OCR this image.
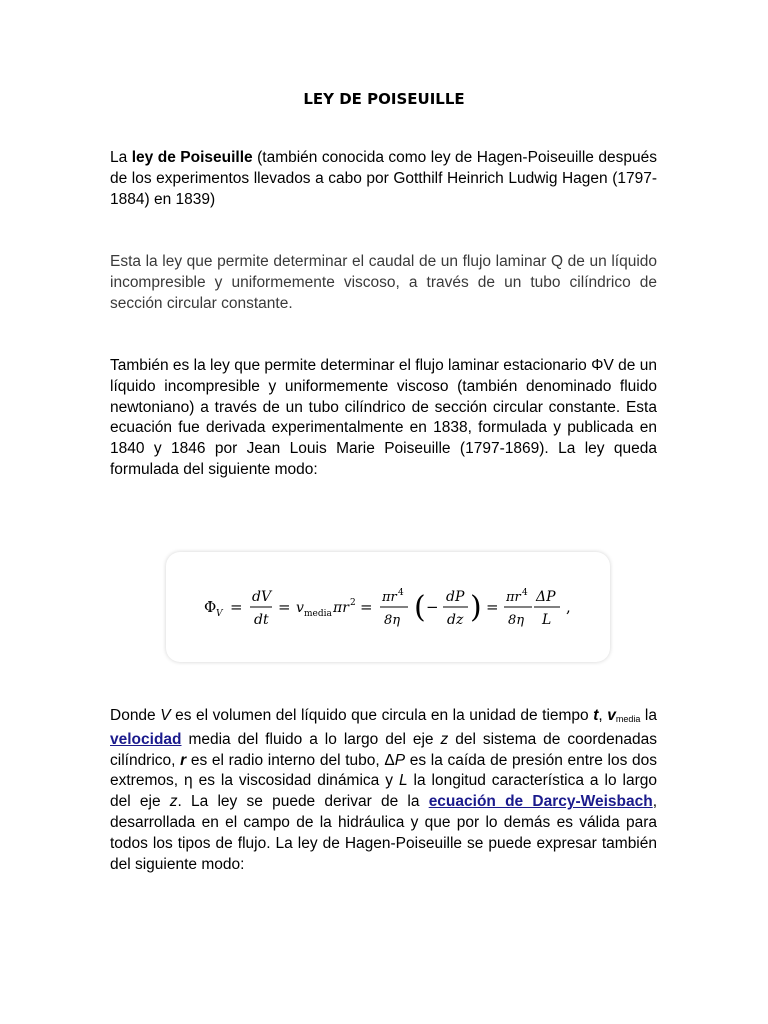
LEY DE POISEUILLE
La ley de Poiseuille (también conocida como ley de Hagen-Poiseuille después de los experimentos llevados a cabo por Gotthilf Heinrich Ludwig Hagen (1797- 1884) en 1839)
Esta la ley que permite determinar el caudal de un flujo laminar Q de un líquido incompresible y uniformemente viscoso, a través de un tubo cilíndrico de sección circular constante.
También es la ley que permite determinar el flujo laminar estacionario ΦV de un líquido incompresible y uniformemente viscoso (también denominado fluido newtoniano) a través de un tubo cilíndrico de sección circular constante. Esta ecuación fue derivada experimentalmente en 1838, formulada y publicada en 1840 y 1846 por Jean Louis Marie Poiseuille (1797-1869). La ley queda formulada del siguiente modo:
Φ V =
dV
dt
= v media πr 2 =
πr 4
8η ( −
dP
dz ) =
πr 4
8η
ΔP
L
,
Donde V es el volumen del líquido que circula en la unidad de tiempo t, $v_{media}$ la velocidad media del fluido a lo largo del eje z del sistema de coordenadas cilíndrico, r es el radio interno del tubo, ΔP es la caída de presión entre los dos extremos, η es la viscosidad dinámica y L la longitud característica a lo largo del eje z. La ley se puede derivar de la ecuación de Darcy-Weisbach, desarrollada en el campo de la hidráulica y que por lo demás es válida para todos los tipos de flujo. La ley de Hagen-Poiseuille se puede expresar también del siguiente modo:
